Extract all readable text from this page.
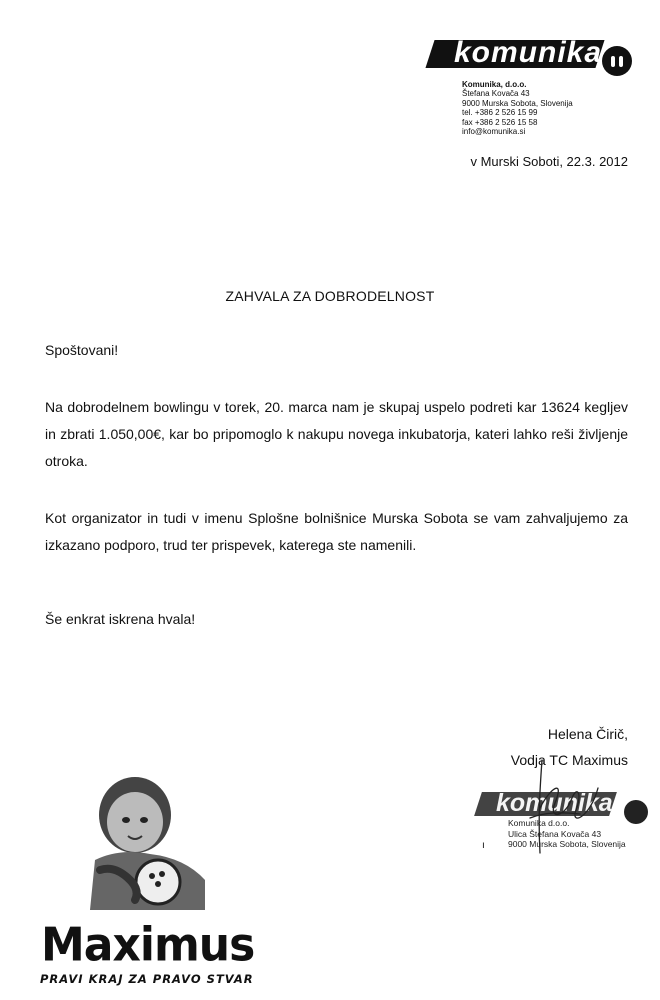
komunika
Komunika, d.o.o.
Štefana Kovača 43
9000 Murska Sobota, Slovenija
tel. +386 2 526 15 99
fax +386 2 526 15 58
info@komunika.si
v Murski Soboti, 22.3. 2012
ZAHVALA ZA DOBRODELNOST
Spoštovani!
Na dobrodelnem bowlingu v torek, 20. marca nam je skupaj uspelo podreti kar 13624 kegljev in zbrati 1.050,00€, kar bo pripomoglo k nakupu novega inkubatorja, kateri lahko reši življenje otroka.
Kot organizator in tudi v imenu Splošne bolnišnice Murska Sobota se vam zahvaljujemo za izkazano podporo, trud ter prispevek, katerega ste namenili.
Še enkrat iskrena hvala!
Helena Čirič,
Vodja TC Maximus
komunika
Komunika d.o.o.
Ulica Štefana Kovača 43
9000 Murska Sobota, Slovenija
ı
Maximus
PRAVI KRAJ ZA PRAVO STVAR
